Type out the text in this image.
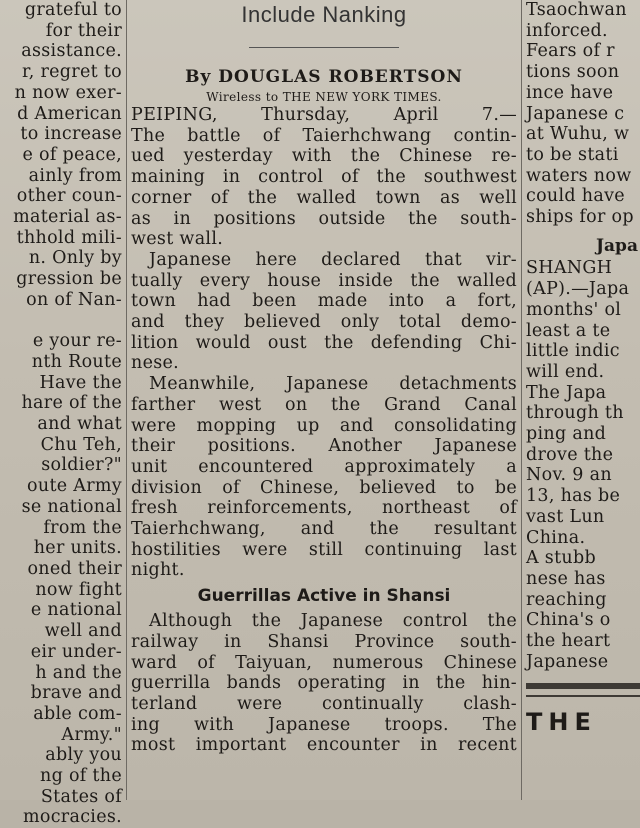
grateful to
for their
assistance.
r, regret to
n now exer-
d American
to increase
e of peace,
ainly from
other coun-
material as-
thhold mili-
n. Only by
gression be
on of Nan-

e your re-
nth Route
Have the
hare of the
and what
Chu Teh,
soldier?"
oute Army
se national
from the
her units.
oned their
now fight
e national
well and
eir under-
h and the
brave and
able com-
Army."
ably you
ng of the
States of
mocracies.
Include Nanking
By DOUGLAS ROBERTSON
Wireless to THE NEW YORK TIMES.
PEIPING, Thursday, April 7.—
The battle of Taierhchwang contin-
ued yesterday with the Chinese re-
maining in control of the southwest
corner of the walled town as well
as in positions outside the south-
west wall.
Japanese here declared that vir-
tually every house inside the walled
town had been made into a fort,
and they believed only total demo-
lition would oust the defending Chi-
nese.
Meanwhile, Japanese detachments
farther west on the Grand Canal
were mopping up and consolidating
their positions. Another Japanese
unit encountered approximately a
division of Chinese, believed to be
fresh reinforcements, northeast of
Taierhchwang, and the resultant
hostilities were still continuing last
night.
Guerrillas Active in Shansi
Although the Japanese control the
railway in Shansi Province south-
ward of Taiyuan, numerous Chinese
guerrilla bands operating in the hin-
terland were continually clash-
ing with Japanese troops. The
most important encounter in recent
Tsaochwan
inforced.
Fears of r
tions soon
ince have
Japanese c
at Wuhu, w
to be stati
waters now
could have
ships for op
Japa
SHANGH
(AP).—Japa
months' ol
least a te
little indic
will end.
The Japa
through th
ping and
drove the
Nov. 9 an
13, has be
vast Lun
China.
A stubb
nese has
reaching
China's o
the heart
Japanese
THE
